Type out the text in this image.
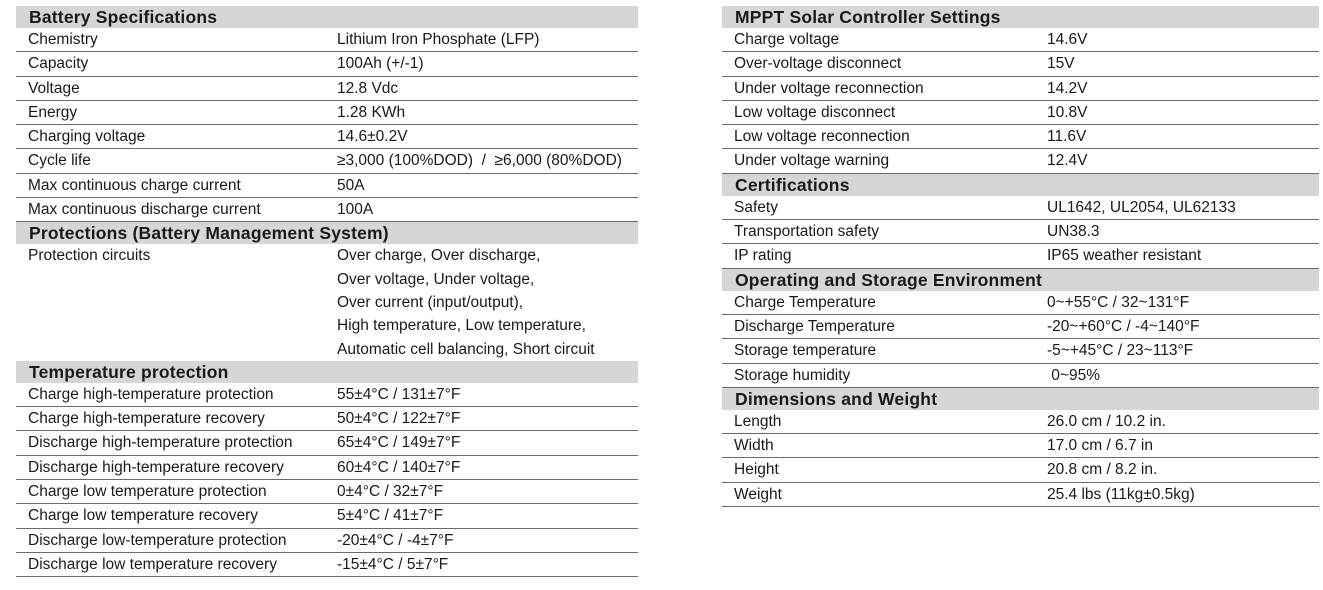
Battery Specifications
Chemistry	Lithium Iron Phosphate (LFP)
Capacity	100Ah (+/-1)
Voltage	12.8 Vdc
Energy	1.28 KWh
Charging voltage	14.6±0.2V
Cycle life	≥3,000 (100%DOD)  /  ≥6,000 (80%DOD)
Max continuous charge current	50A
Max continuous discharge current	100A
Protections (Battery Management System)
Protection circuits	Over charge, Over discharge,
Over voltage, Under voltage,
Over current (input/output),
High temperature, Low temperature,
Automatic cell balancing, Short circuit
Temperature protection
Charge high-temperature protection	55±4°C / 131±7°F
Charge high-temperature recovery	50±4°C / 122±7°F
Discharge high-temperature protection	65±4°C / 149±7°F
Discharge high-temperature recovery	60±4°C / 140±7°F
Charge low temperature protection	0±4°C / 32±7°F
Charge low temperature recovery	5±4°C / 41±7°F
Discharge low-temperature protection	-20±4°C / -4±7°F
Discharge low temperature recovery	-15±4°C / 5±7°F
MPPT Solar Controller Settings
Charge voltage	14.6V
Over-voltage disconnect	15V
Under voltage reconnection	14.2V
Low voltage disconnect	10.8V
Low voltage reconnection	11.6V
Under voltage warning	12.4V
Certifications
Safety	UL1642, UL2054, UL62133
Transportation safety	UN38.3
IP rating	IP65 weather resistant
Operating and Storage Environment
Charge Temperature	0~+55°C / 32~131°F
Discharge Temperature	-20~+60°C / -4~140°F
Storage temperature	-5~+45°C / 23~113°F
Storage humidity	0~95%
Dimensions and Weight
Length	26.0 cm / 10.2 in.
Width	17.0 cm / 6.7 in
Height	20.8 cm / 8.2 in.
Weight	25.4 lbs (11kg±0.5kg)
